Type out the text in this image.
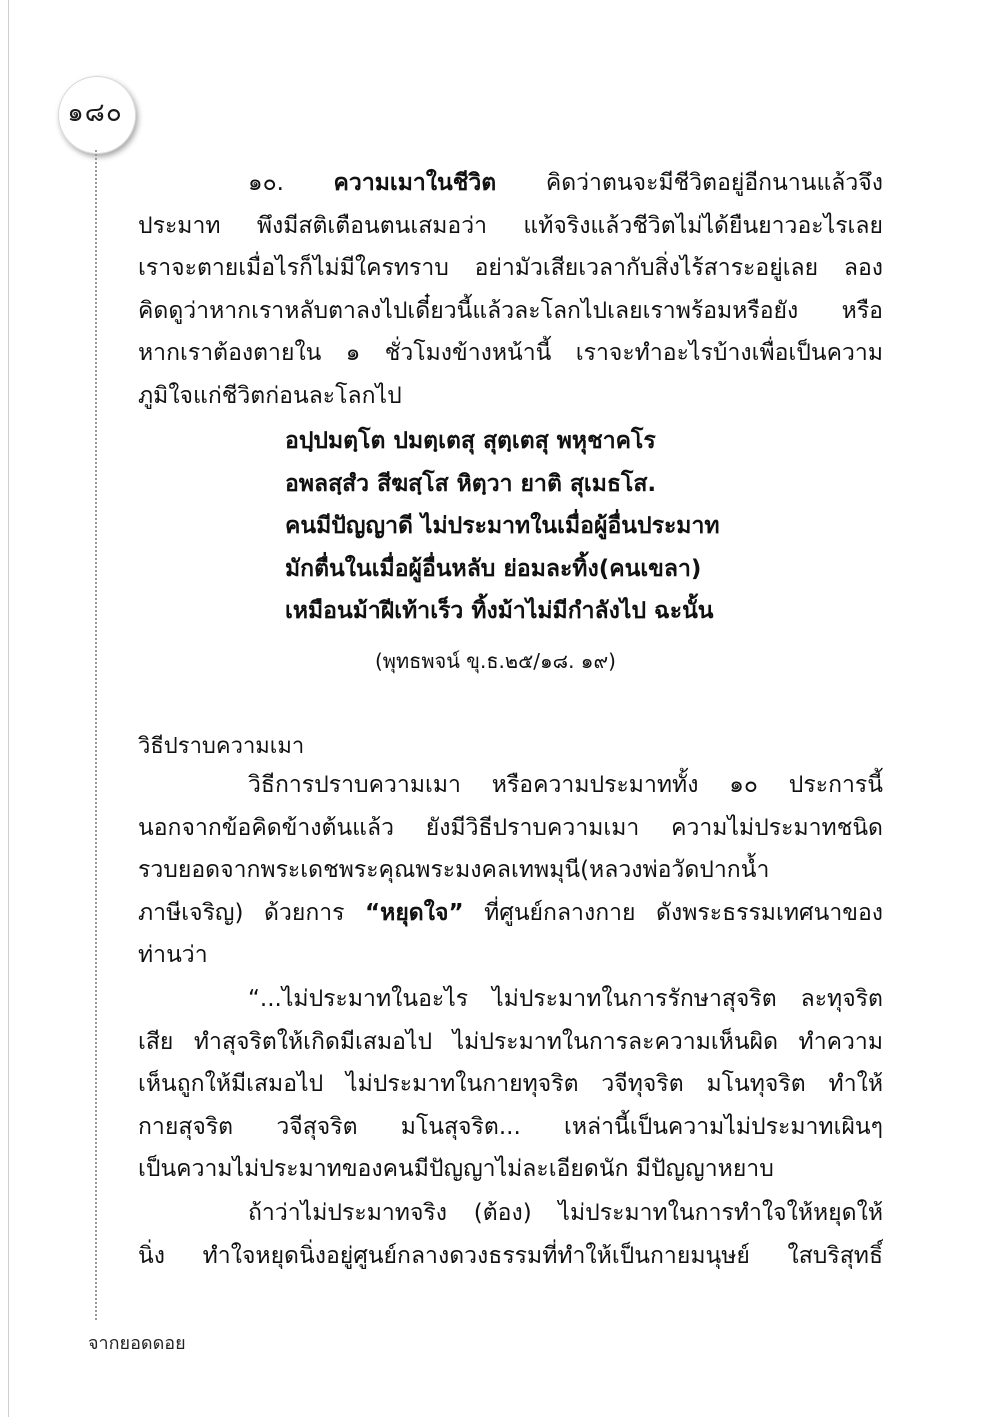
๑๘๐
๑๐. ความเมาในชีวิต คิดว่าตนจะมีชีวิตอยู่อีกนานแล้วจึง
ประมาท พึงมีสติเตือนตนเสมอว่า แท้จริงแล้วชีวิตไม่ได้ยืนยาวอะไรเลย
เราจะตายเมื่อไรก็ไม่มีใครทราบ อย่ามัวเสียเวลากับสิ่งไร้สาระอยู่เลย ลอง
คิดดูว่าหากเราหลับตาลงไปเดี๋ยวนี้แล้วละโลกไปเลยเราพร้อมหรือยัง หรือ
หากเราต้องตายใน ๑ ชั่วโมงข้างหน้านี้ เราจะทำอะไรบ้างเพื่อเป็นความ
ภูมิใจแก่ชีวิตก่อนละโลกไป
อปฺปมตฺโต ปมตฺเตสุ สุตฺเตสุ พหุชาคโร
อพลสฺสํว สีฆสฺโส หิตฺวา ยาติ สุเมธโส.
คนมีปัญญาดี ไม่ประมาทในเมื่อผู้อื่นประมาท
มักตื่นในเมื่อผู้อื่นหลับ ย่อมละทิ้ง(คนเขลา)
เหมือนม้าฝีเท้าเร็ว ทิ้งม้าไม่มีกำลังไป ฉะนั้น
(พุทธพจน์ ขุ.ธ.๒๕/๑๘. ๑๙)
วิธีปราบความเมา
วิธีการปราบความเมา หรือความประมาททั้ง ๑๐ ประการนี้
นอกจากข้อคิดข้างต้นแล้ว ยังมีวิธีปราบความเมา ความไม่ประมาทชนิด
รวบยอดจากพระเดชพระคุณพระมงคลเทพมุนี(หลวงพ่อวัดปากน้ำ
ภาษีเจริญ) ด้วยการ “หยุดใจ” ที่ศูนย์กลางกาย ดังพระธรรมเทศนาของ
ท่านว่า
“...ไม่ประมาทในอะไร ไม่ประมาทในการรักษาสุจริต ละทุจริต
เสีย ทำสุจริตให้เกิดมีเสมอไป ไม่ประมาทในการละความเห็นผิด ทำความ
เห็นถูกให้มีเสมอไป ไม่ประมาทในกายทุจริต วจีทุจริต มโนทุจริต ทำให้
กายสุจริต วจีสุจริต มโนสุจริต... เหล่านี้เป็นความไม่ประมาทเผินๆ
เป็นความไม่ประมาทของคนมีปัญญาไม่ละเอียดนัก มีปัญญาหยาบ
ถ้าว่าไม่ประมาทจริง (ต้อง) ไม่ประมาทในการทำใจให้หยุดให้
นิ่ง ทำใจหยุดนิ่งอยู่ศูนย์กลางดวงธรรมที่ทำให้เป็นกายมนุษย์ ใสบริสุทธิ์
จากยอดดอย
